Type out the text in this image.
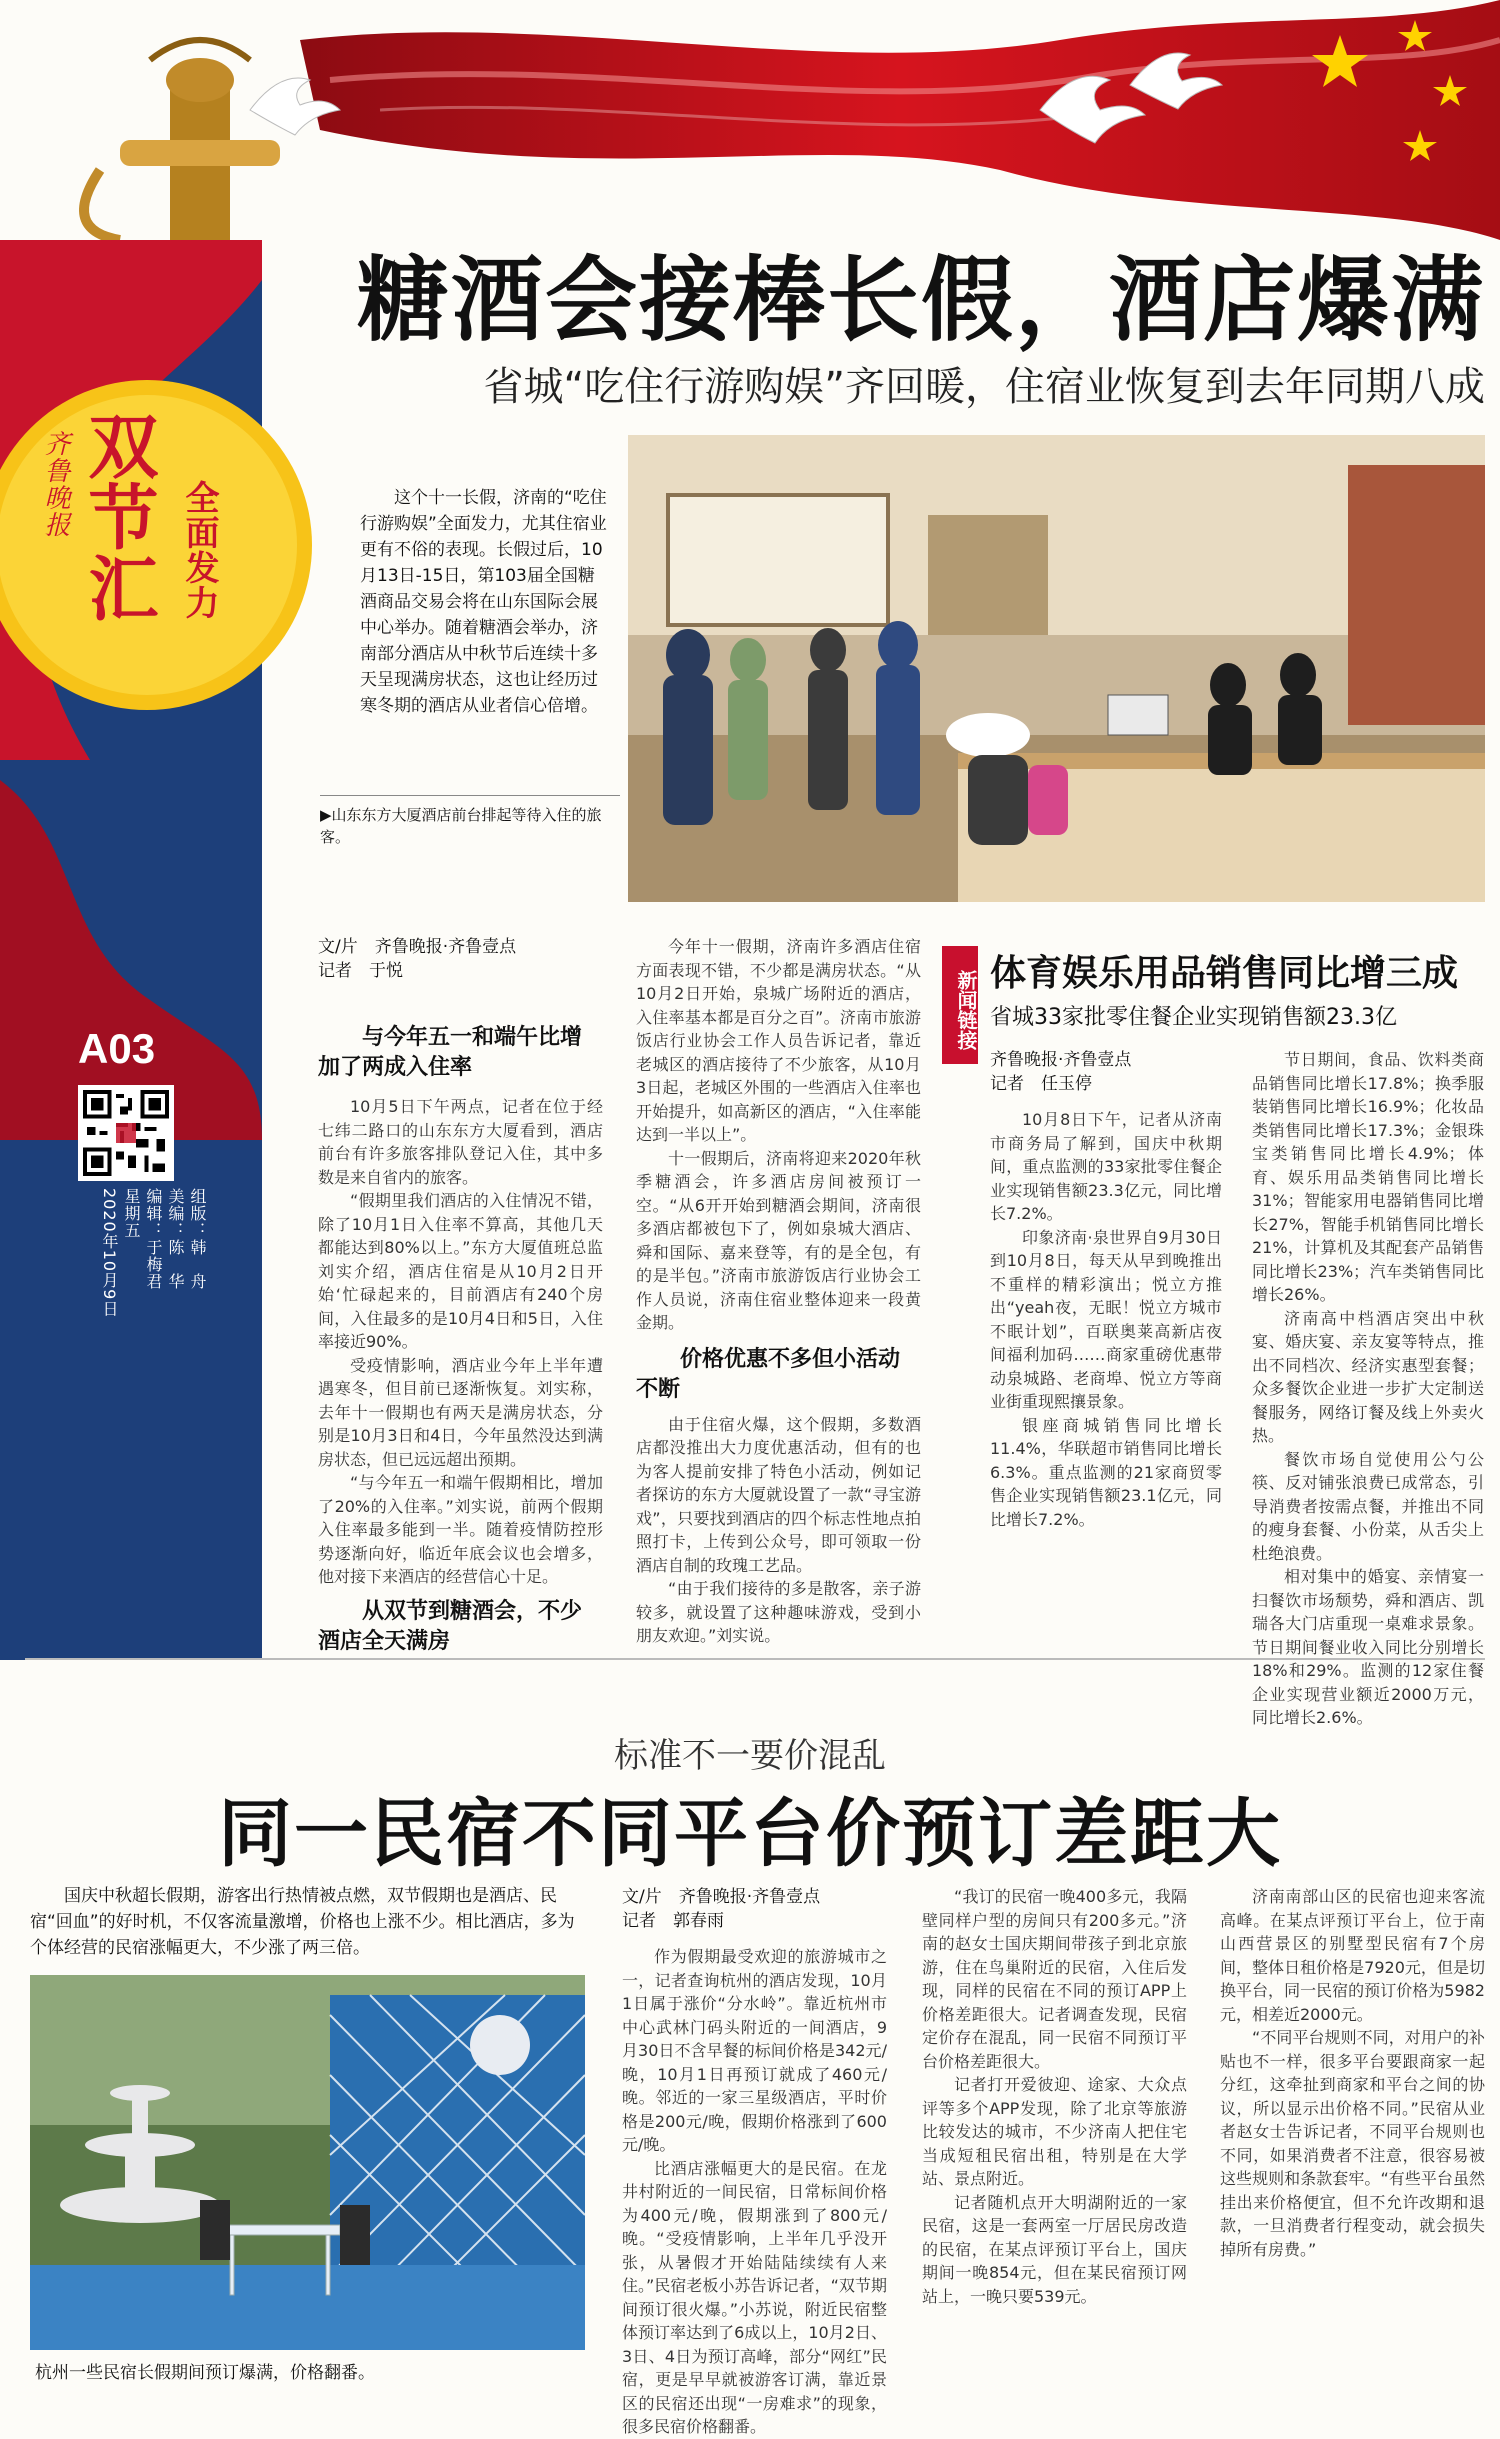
糖酒会接棒长假，酒店爆满
省城“吃住行游购娱”齐回暖，住宿业恢复到去年同期八成
齐鲁晚报 双节汇 全面发力
A03
组版：韩　舟
美编：陈　华
编辑：于梅君
星期五
2020年10月9日

这个十一长假，济南的“吃住行游购娱”全面发力，尤其住宿业更有不俗的表现。长假过后，10月13日-15日，第103届全国糖酒商品交易会将在山东国际会展中心举办。随着糖酒会举办，济南部分酒店从中秋节后连续十多天呈现满房状态，这也让经历过寒冬期的酒店从业者信心倍增。

▶山东东方大厦酒店前台排起等待入住的旅客。
文/片　齐鲁晚报·齐鲁壹点
记者　于悦
与今年五一和端午比增加了两成入住率

10月5日下午两点，记者在位于经七纬二路口的山东东方大厦看到，酒店前台有许多旅客排队登记入住，其中多数是来自省内的旅客。

“假期里我们酒店的入住情况不错，除了10月1日入住率不算高，其他几天都能达到80%以上。”东方大厦值班总监刘实介绍，酒店住宿是从10月2日开始‘忙碌起来的，目前酒店有240个房间，入住最多的是10月4日和5日，入住率接近90%。

受疫情影响，酒店业今年上半年遭遇寒冬，但目前已逐渐恢复。刘实称，去年十一假期也有两天是满房状态，分别是10月3日和4日，今年虽然没达到满房状态，但已远远超出预期。

“与今年五一和端午假期相比，增加了20%的入住率。”刘实说，前两个假期入住率最多能到一半。随着疫情防控形势逐渐向好，临近年底会议也会增多，他对接下来酒店的经营信心十足。

从双节到糖酒会，不少酒店全天满房

今年十一假期，济南许多酒店住宿方面表现不错，不少都是满房状态。“从10月2日开始，泉城广场附近的酒店，入住率基本都是百分之百”。济南市旅游饭店行业协会工作人员告诉记者，靠近老城区的酒店接待了不少旅客，从10月3日起，老城区外围的一些酒店入住率也开始提升，如高新区的酒店，“入住率能达到一半以上”。

十一假期后，济南将迎来2020年秋季糖酒会，许多酒店房间被预订一空。“从6开开始到糖酒会期间，济南很多酒店都被包下了，例如泉城大酒店、舜和国际、嘉来登等，有的是全包，有的是半包。”济南市旅游饭店行业协会工作人员说，济南住宿业整体迎来一段黄金期。

价格优惠不多但小活动不断

由于住宿火爆，这个假期，多数酒店都没推出大力度优惠活动，但有的也为客人提前安排了特色小活动，例如记者探访的东方大厦就设置了一款“寻宝游戏”，只要找到酒店的四个标志性地点拍照打卡，上传到公众号，即可领取一份酒店自制的玫瑰工艺品。

“由于我们接待的多是散客，亲子游较多，就设置了这种趣味游戏，受到小朋友欢迎。”刘实说。

新闻链接 体育娱乐用品销售同比增三成
省城33家批零住餐企业实现销售额23.3亿
齐鲁晚报·齐鲁壹点
记者　任玉停

10月8日下午，记者从济南市商务局了解到，国庆中秋期间，重点监测的33家批零住餐企业实现销售额23.3亿元，同比增长7.2%。

印象济南·泉世界自9月30日到10月8日，每天从早到晚推出不重样的精彩演出；悦立方推出“yeah夜，无眠！悦立方城市不眠计划”，百联奥莱高新店夜间福利加码……商家重磅优惠带动泉城路、老商埠、悦立方等商业街重现熙攘景象。

银座商城销售同比增长11.4%，华联超市销售同比增长6.3%。重点监测的21家商贸零售企业实现销售额23.1亿元，同比增长7.2%。

节日期间，食品、饮料类商品销售同比增长17.8%；换季服装销售同比增长16.9%；化妆品类销售同比增长17.3%；金银珠宝类销售同比增长4.9%；体育、娱乐用品类销售同比增长31%；智能家用电器销售同比增长27%，智能手机销售同比增长21%，计算机及其配套产品销售同比增长23%；汽车类销售同比增长26%。

济南高中档酒店突出中秋宴、婚庆宴、亲友宴等特点，推出不同档次、经济实惠型套餐；众多餐饮企业进一步扩大定制送餐服务，网络订餐及线上外卖火热。

餐饮市场自觉使用公勺公筷、反对铺张浪费已成常态，引导消费者按需点餐，并推出不同的瘦身套餐、小份菜，从舌尖上杜绝浪费。

相对集中的婚宴、亲情宴一扫餐饮市场颓势，舜和酒店、凯瑞各大门店重现一桌难求景象。节日期间餐业收入同比分别增长18%和29%。监测的12家住餐企业实现营业额近2000万元，同比增长2.6%。

标准不一要价混乱
同一民宿不同平台价预订差距大

国庆中秋超长假期，游客出行热情被点燃，双节假期也是酒店、民宿“回血”的好时机，不仅客流量激增，价格也上涨不少。相比酒店，多为个体经营的民宿涨幅更大，不少涨了两三倍。

杭州一些民宿长假期间预订爆满，价格翻番。
文/片　齐鲁晚报·齐鲁壹点
记者　郭春雨

作为假期最受欢迎的旅游城市之一，记者查询杭州的酒店发现，10月1日属于涨价“分水岭”。靠近杭州市中心武林门码头附近的一间酒店，9月30日不含早餐的标间价格是342元/晚，10月1日再预订就成了460元/晚。邻近的一家三星级酒店，平时价格是200元/晚，假期价格涨到了600元/晚。

比酒店涨幅更大的是民宿。在龙井村附近的一间民宿，日常标间价格为400元/晚，假期涨到了800元/晚。“受疫情影响，上半年几乎没开张，从暑假才开始陆陆续续有人来住。”民宿老板小苏告诉记者，“双节期间预订很火爆。”小苏说，附近民宿整体预订率达到了6成以上，10月2日、3日、4日为预订高峰，部分“网红”民宿，更是早早就被游客订满，靠近景区的民宿还出现“一房难求”的现象，很多民宿价格翻番。

“我订的民宿一晚400多元，我隔壁同样户型的房间只有200多元。”济南的赵女士国庆期间带孩子到北京旅游，住在鸟巢附近的民宿，入住后发现，同样的民宿在不同的预订APP上价格差距很大。记者调查发现，民宿定价存在混乱，同一民宿不同预订平台价格差距很大。

记者打开爱彼迎、途家、大众点评等多个APP发现，除了北京等旅游比较发达的城市，不少济南人把住宅当成短租民宿出租，特别是在大学站、景点附近。

记者随机点开大明湖附近的一家民宿，这是一套两室一厅居民房改造的民宿，在某点评预订平台上，国庆期间一晚854元，但在某民宿预订网站上，一晚只要539元。

济南南部山区的民宿也迎来客流高峰。在某点评预订平台上，位于南山西营景区的别墅型民宿有7个房间，整体日租价格是7920元，但是切换平台，同一民宿的预订价格为5982元，相差近2000元。

“不同平台规则不同，对用户的补贴也不一样，很多平台要跟商家一起分红，这牵扯到商家和平台之间的协议，所以显示出价格不同。”民宿从业者赵女士告诉记者，不同平台规则也不同，如果消费者不注意，很容易被这些规则和条款套牢。“有些平台虽然挂出来价格便宜，但不允许改期和退款，一旦消费者行程变动，就会损失掉所有房费。”
